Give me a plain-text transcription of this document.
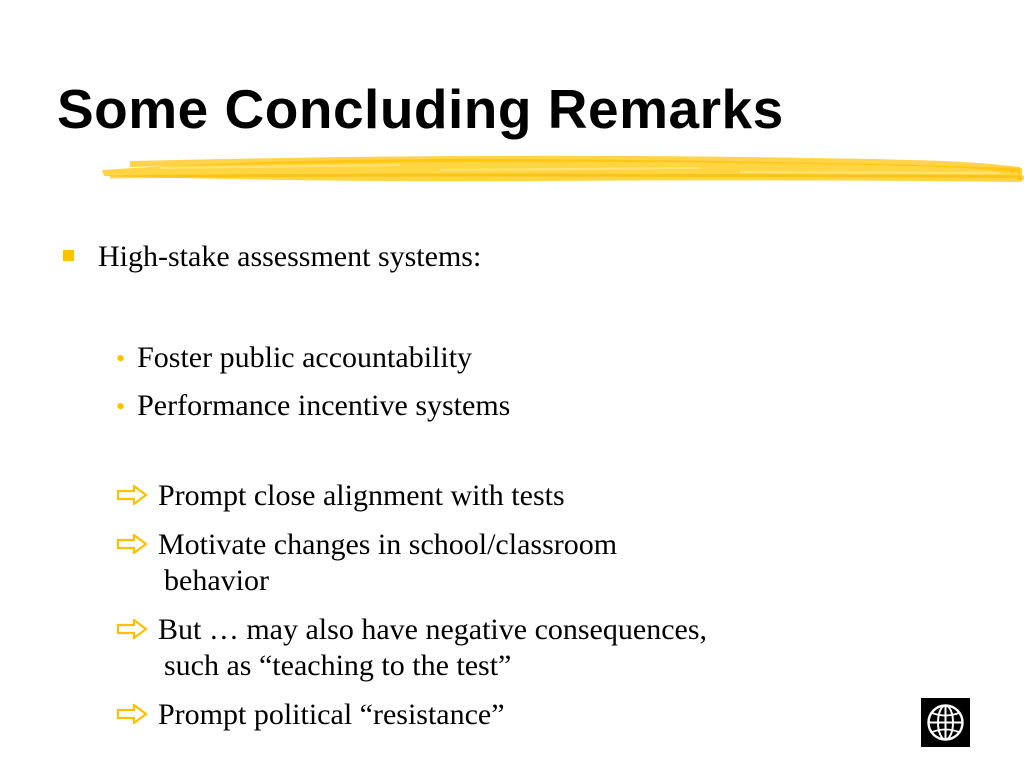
Some Concluding Remarks
High-stake assessment systems:
• Foster public accountability
• Performance incentive systems
Prompt close alignment with tests
Motivate changes in school/classroom
behavior
But … may also have negative consequences,
such as “teaching to the test”
Prompt political “resistance”
